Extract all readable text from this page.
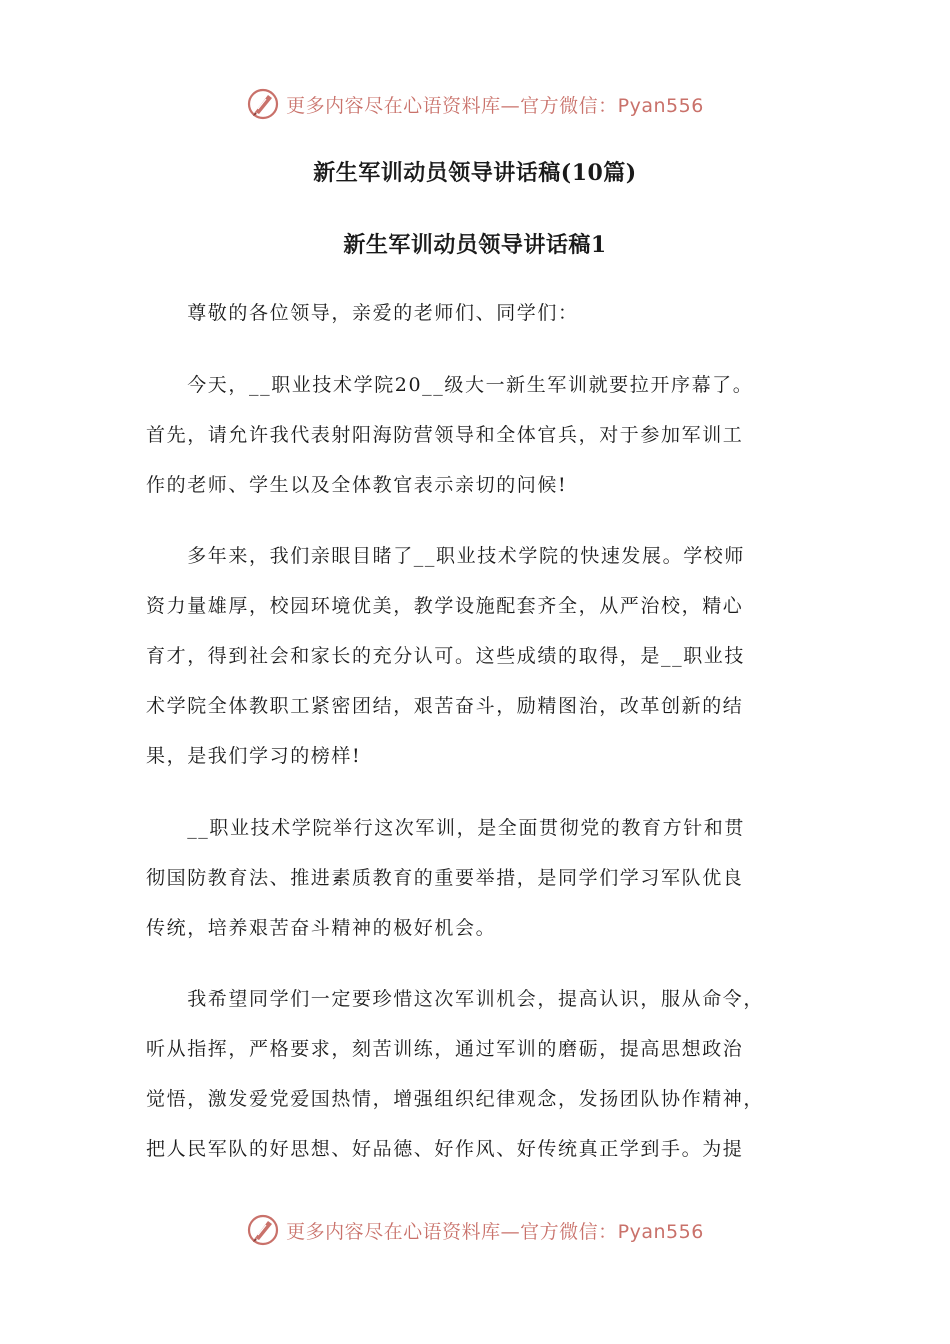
更多内容尽在心语资料库—官方微信：Pyan556
新生军训动员领导讲话稿(10篇)
新生军训动员领导讲话稿1

　　尊敬的各位领导，亲爱的老师们、同学们：

　　今天，__职业技术学院20__级大一新生军训就要拉开序幕了。
首先，请允许我代表射阳海防营领导和全体官兵，对于参加军训工
作的老师、学生以及全体教官表示亲切的问候!

　　多年来，我们亲眼目睹了__职业技术学院的快速发展。学校师
资力量雄厚，校园环境优美，教学设施配套齐全，从严治校，精心
育才，得到社会和家长的充分认可。这些成绩的取得，是__职业技
术学院全体教职工紧密团结，艰苦奋斗，励精图治，改革创新的结
果，是我们学习的榜样!

　　__职业技术学院举行这次军训，是全面贯彻党的教育方针和贯
彻国防教育法、推进素质教育的重要举措，是同学们学习军队优良
传统，培养艰苦奋斗精神的极好机会。

　　我希望同学们一定要珍惜这次军训机会，提高认识，服从命令，
听从指挥，严格要求，刻苦训练，通过军训的磨砺，提高思想政治
觉悟，激发爱党爱国热情，增强组织纪律观念，发扬团队协作精神，
把人民军队的好思想、好品德、好作风、好传统真正学到手。为提

更多内容尽在心语资料库—官方微信：Pyan556
